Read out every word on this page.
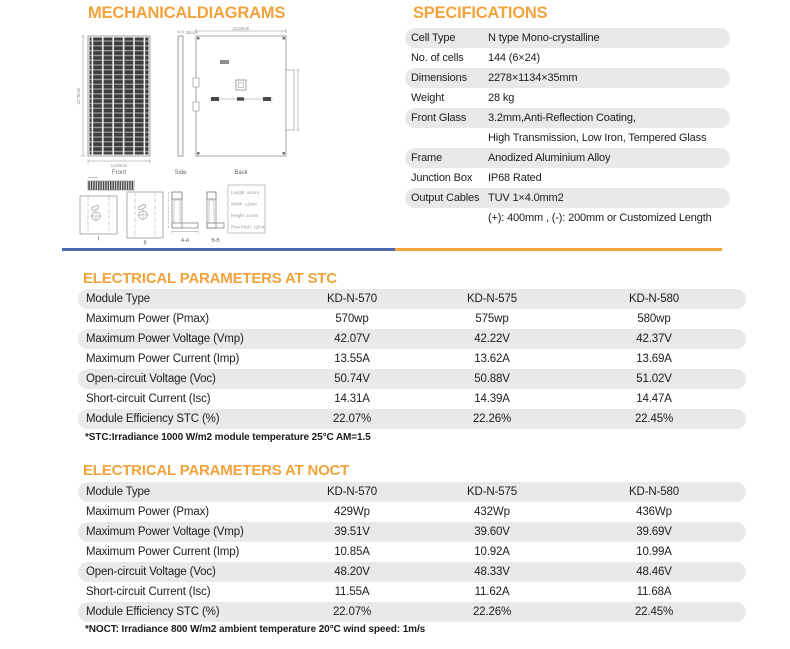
MECHANICALDIAGRAMS
2278mm
1134mm
Front
35mm
Side
1134mm
Back
I
II	A-A	B-B
Length: ±2mm
Width: ±2mm
Height: ±1mm
Row Pitch: ±2mm
SPECIFICATIONS
Cell Type	N type Mono-crystalline
No. of cells	144 (6×24)
Dimensions	2278×1134×35mm
Weight	28 kg
Front Glass	3.2mm,Anti-Reflection Coating,
High Transmission, Low Iron, Tempered Glass
Frame	Anodized Aluminium Alloy
Junction Box	IP68 Rated
Output Cables TUV 1×4.0mm2
(+): 400mm , (-): 200mm or Customized Length
ELECTRICAL PARAMETERS AT STC
Module Type	KD-N-570	KD-N-575	KD-N-580
Maximum Power (Pmax)	570wp	575wp	580wp
Maximum Power Voltage (Vmp)	42.07V	42.22V	42.37V
Maximum Power Current (Imp)	13.55A	13.62A	13.69A
Open-circuit Voltage (Voc)	50.74V	50.88V	51.02V
Short-circuit Current (Isc)	14.31A	14.39A	14.47A
Module Efficiency STC (%)	22.07%	22.26%	22.45%
*STC:Irradiance 1000 W/m2 module temperature 25°C AM=1.5
ELECTRICAL PARAMETERS AT NOCT
Module Type	KD-N-570	KD-N-575	KD-N-580
Maximum Power (Pmax)	429Wp	432Wp	436Wp
Maximum Power Voltage (Vmp)	39.51V	39.60V	39.69V
Maximum Power Current (Imp)	10.85A	10.92A	10.99A
Open-circuit Voltage (Voc)	48.20V	48.33V	48.46V
Short-circuit Current (Isc)	11.55A	11.62A	11.68A
Module Efficiency STC (%)	22.07%	22.26%	22.45%
*NOCT: Irradiance 800 W/m2 ambient temperature 20°C wind speed: 1m/s
